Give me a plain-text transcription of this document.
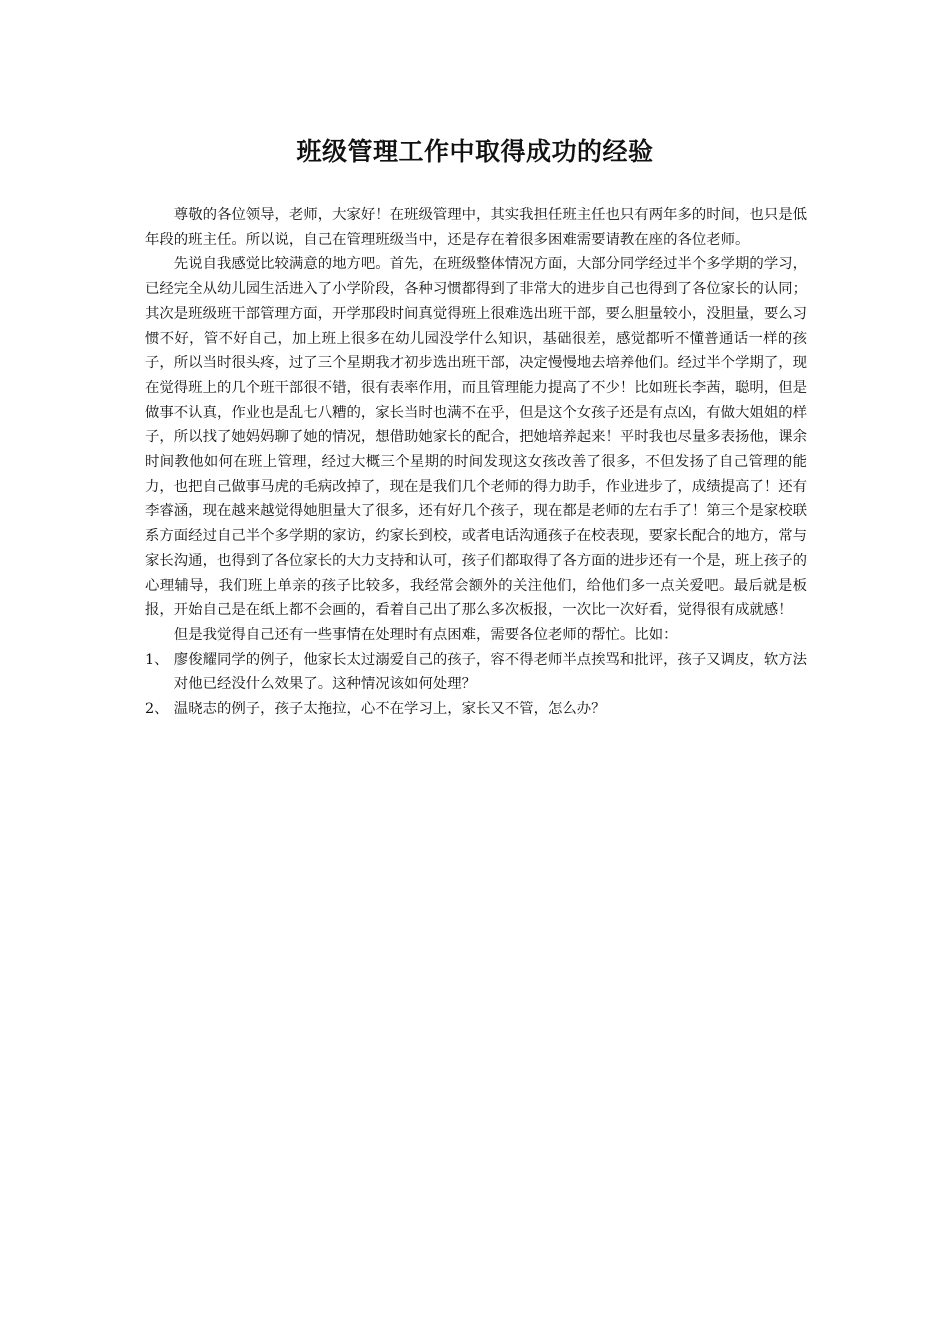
班级管理工作中取得成功的经验

尊敬的各位领导，老师，大家好！在班级管理中，其实我担任班主任也只有两年多的时间，也只是低年段的班主任。所以说，自己在管理班级当中，还是存在着很多困难需要请教在座的各位老师。

先说自我感觉比较满意的地方吧。首先，在班级整体情况方面，大部分同学经过半个多学期的学习，已经完全从幼儿园生活进入了小学阶段，各种习惯都得到了非常大的进步自己也得到了各位家长的认同；其次是班级班干部管理方面，开学那段时间真觉得班上很难选出班干部，要么胆量较小，没胆量，要么习惯不好，管不好自己，加上班上很多在幼儿园没学什么知识，基础很差，感觉都听不懂普通话一样的孩子，所以当时很头疼，过了三个星期我才初步选出班干部，决定慢慢地去培养他们。经过半个学期了，现在觉得班上的几个班干部很不错，很有表率作用，而且管理能力提高了不少！比如班长李茜，聪明，但是做事不认真，作业也是乱七八糟的，家长当时也满不在乎，但是这个女孩子还是有点凶，有做大姐姐的样子，所以找了她妈妈聊了她的情况，想借助她家长的配合，把她培养起来！平时我也尽量多表扬他，课余时间教他如何在班上管理，经过大概三个星期的时间发现这女孩改善了很多，不但发扬了自己管理的能力，也把自己做事马虎的毛病改掉了，现在是我们几个老师的得力助手，作业进步了，成绩提高了！还有李睿涵，现在越来越觉得她胆量大了很多，还有好几个孩子，现在都是老师的左右手了！第三个是家校联系方面经过自己半个多学期的家访，约家长到校，或者电话沟通孩子在校表现，要家长配合的地方，常与家长沟通，也得到了各位家长的大力支持和认可，孩子们都取得了各方面的进步还有一个是，班上孩子的心理辅导，我们班上单亲的孩子比较多，我经常会额外的关注他们，给他们多一点关爱吧。最后就是板报，开始自己是在纸上都不会画的，看着自己出了那么多次板报，一次比一次好看，觉得很有成就感！

但是我觉得自己还有一些事情在处理时有点困难，需要各位老师的帮忙。比如：

1、 廖俊耀同学的例子，他家长太过溺爱自己的孩子，容不得老师半点挨骂和批评，孩子又调皮，软方法对他已经没什么效果了。这种情况该如何处理？
2、 温晓志的例子，孩子太拖拉，心不在学习上，家长又不管，怎么办？
